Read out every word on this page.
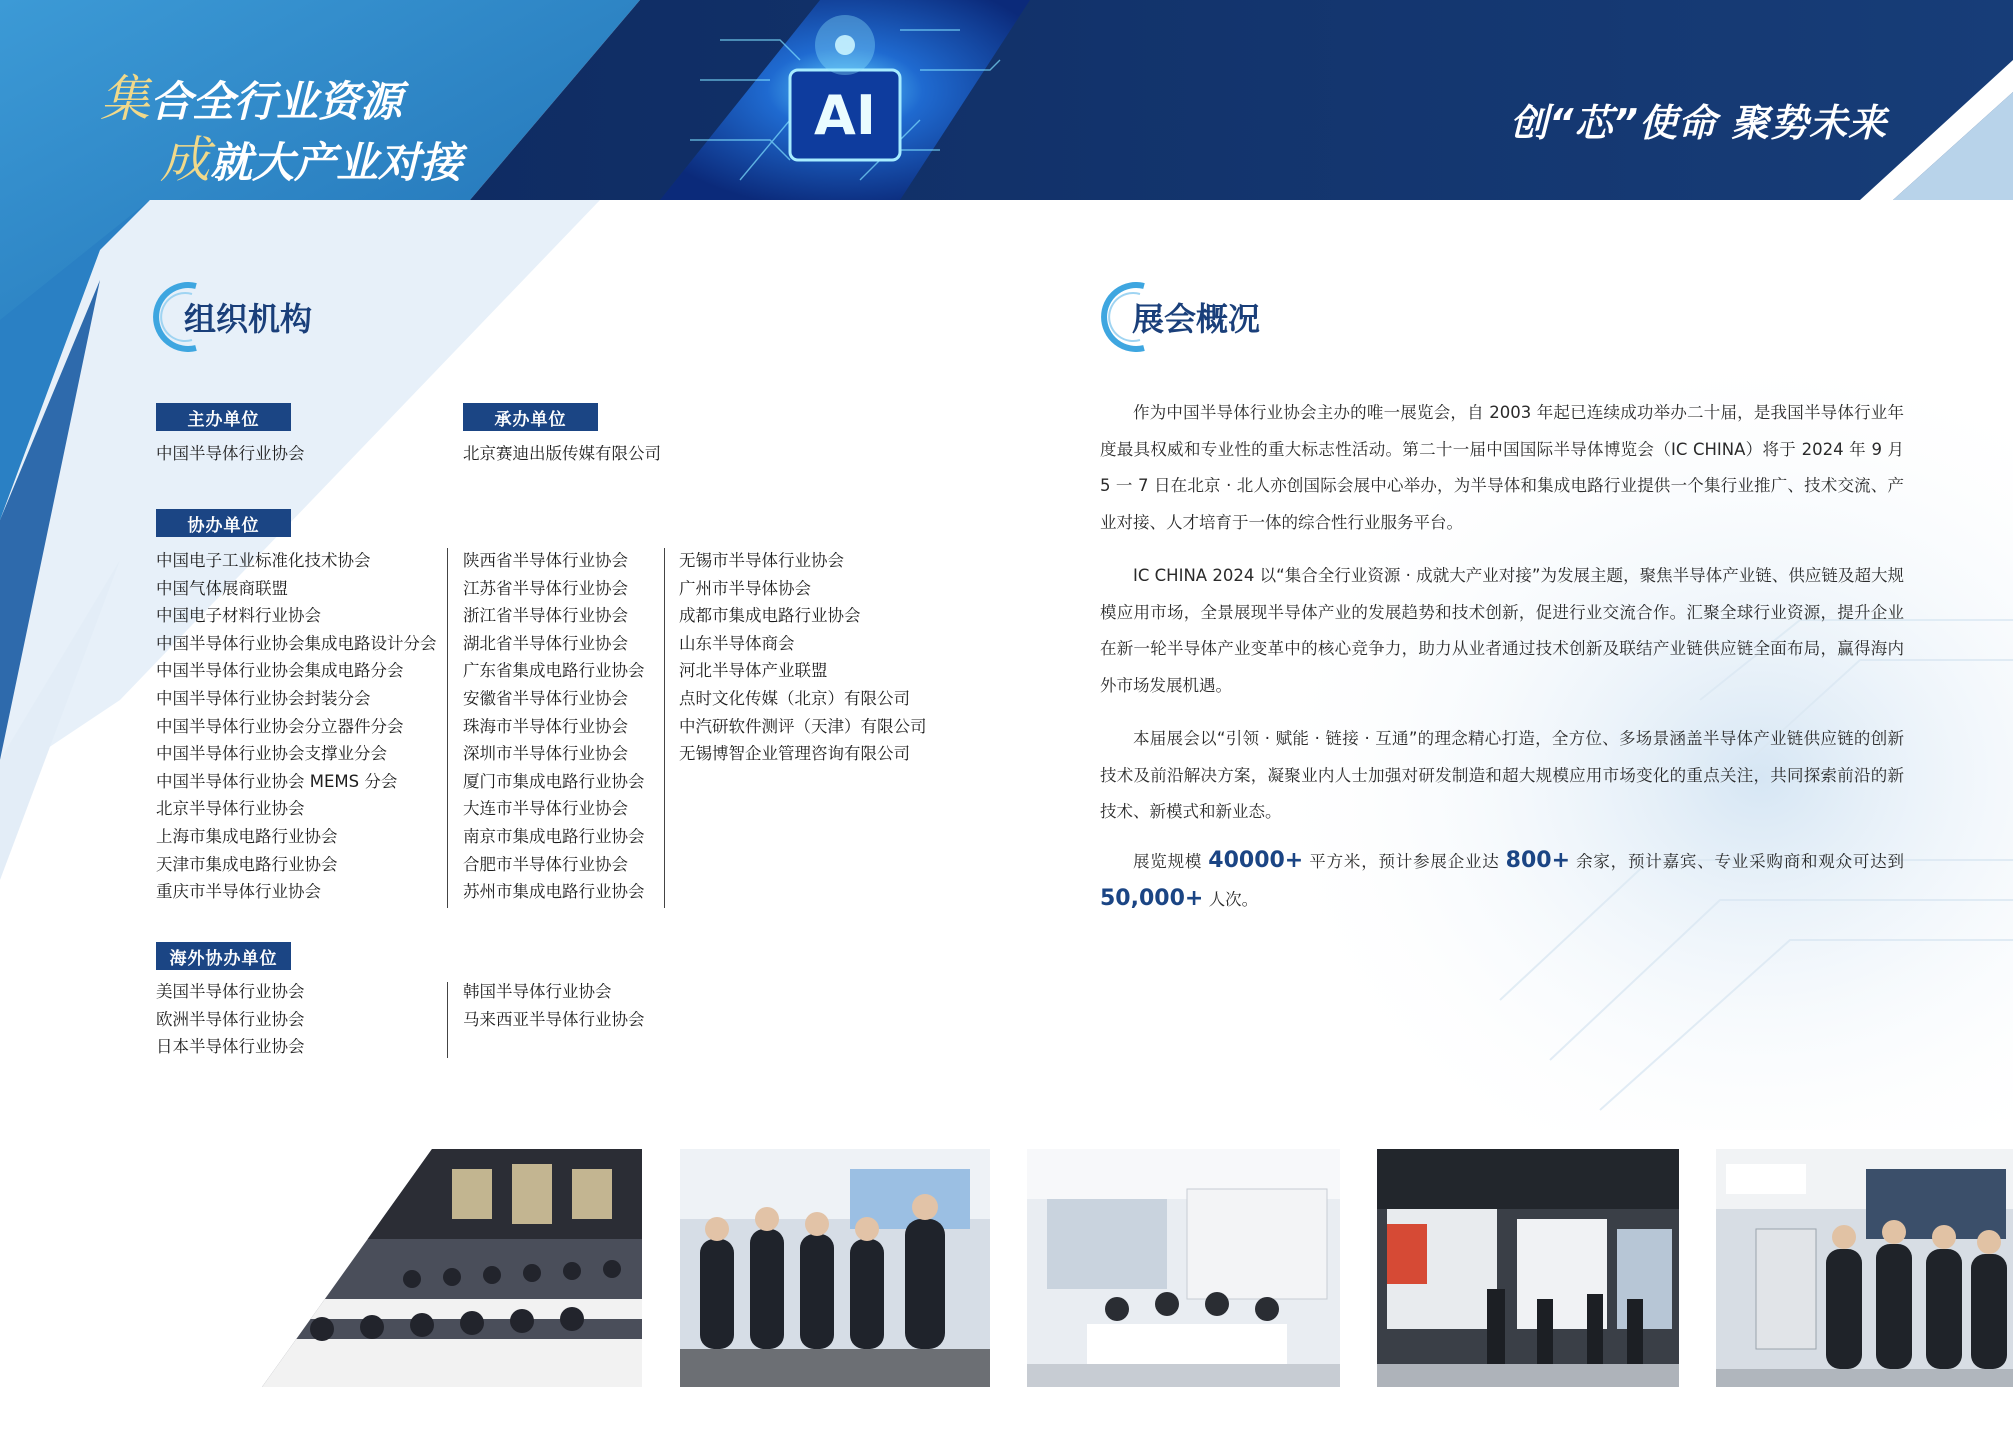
集合全行业资源
成就大产业对接
AI	创“芯”使命 聚势未来
组织机构
主办单位
中国半导体行业协会
承办单位
北京赛迪出版传媒有限公司
协办单位
中国电子工业标准化技术协会
中国气体展商联盟
中国电子材料行业协会
中国半导体行业协会集成电路设计分会
中国半导体行业协会集成电路分会
中国半导体行业协会封装分会
中国半导体行业协会分立器件分会
中国半导体行业协会支撑业分会
中国半导体行业协会 MEMS 分会
北京半导体行业协会
上海市集成电路行业协会
天津市集成电路行业协会
重庆市半导体行业协会
陕西省半导体行业协会
江苏省半导体行业协会
浙江省半导体行业协会
湖北省半导体行业协会
广东省集成电路行业协会
安徽省半导体行业协会
珠海市半导体行业协会
深圳市半导体行业协会
厦门市集成电路行业协会
大连市半导体行业协会
南京市集成电路行业协会
合肥市半导体行业协会
苏州市集成电路行业协会
无锡市半导体行业协会
广州市半导体协会
成都市集成电路行业协会
山东半导体商会
河北半导体产业联盟
点时文化传媒（北京）有限公司
中汽研软件测评（天津）有限公司
无锡博智企业管理咨询有限公司
海外协办单位
美国半导体行业协会
欧洲半导体行业协会
日本半导体行业协会
韩国半导体行业协会
马来西亚半导体行业协会
展会概况
作为中国半导体行业协会主办的唯一展览会，自 2003 年起已连续成功举办二十届，是我国半导体行业年度最具权威和专业性的重大标志性活动。第二十一届中国国际半导体博览会（IC CHINA）将于 2024 年 9 月 5 一 7 日在北京 · 北人亦创国际会展中心举办，为半导体和集成电路行业提供一个集行业推广、技术交流、产业对接、人才培育于一体的综合性行业服务平台。
IC CHINA 2024 以“集合全行业资源 · 成就大产业对接”为发展主题，聚焦半导体产业链、供应链及超大规模应用市场，全景展现半导体产业的发展趋势和技术创新，促进行业交流合作。汇聚全球行业资源，提升企业在新一轮半导体产业变革中的核心竞争力，助力从业者通过技术创新及联结产业链供应链全面布局，赢得海内外市场发展机遇。
本届展会以“引领 · 赋能 · 链接 · 互通”的理念精心打造，全方位、多场景涵盖半导体产业链供应链的创新技术及前沿解决方案，凝聚业内人士加强对研发制造和超大规模应用市场变化的重点关注，共同探索前沿的新技术、新模式和新业态。
展览规模 40000+ 平方米，预计参展企业达 800+ 余家，预计嘉宾、专业采购商和观众可达到 50,000+ 人次。
